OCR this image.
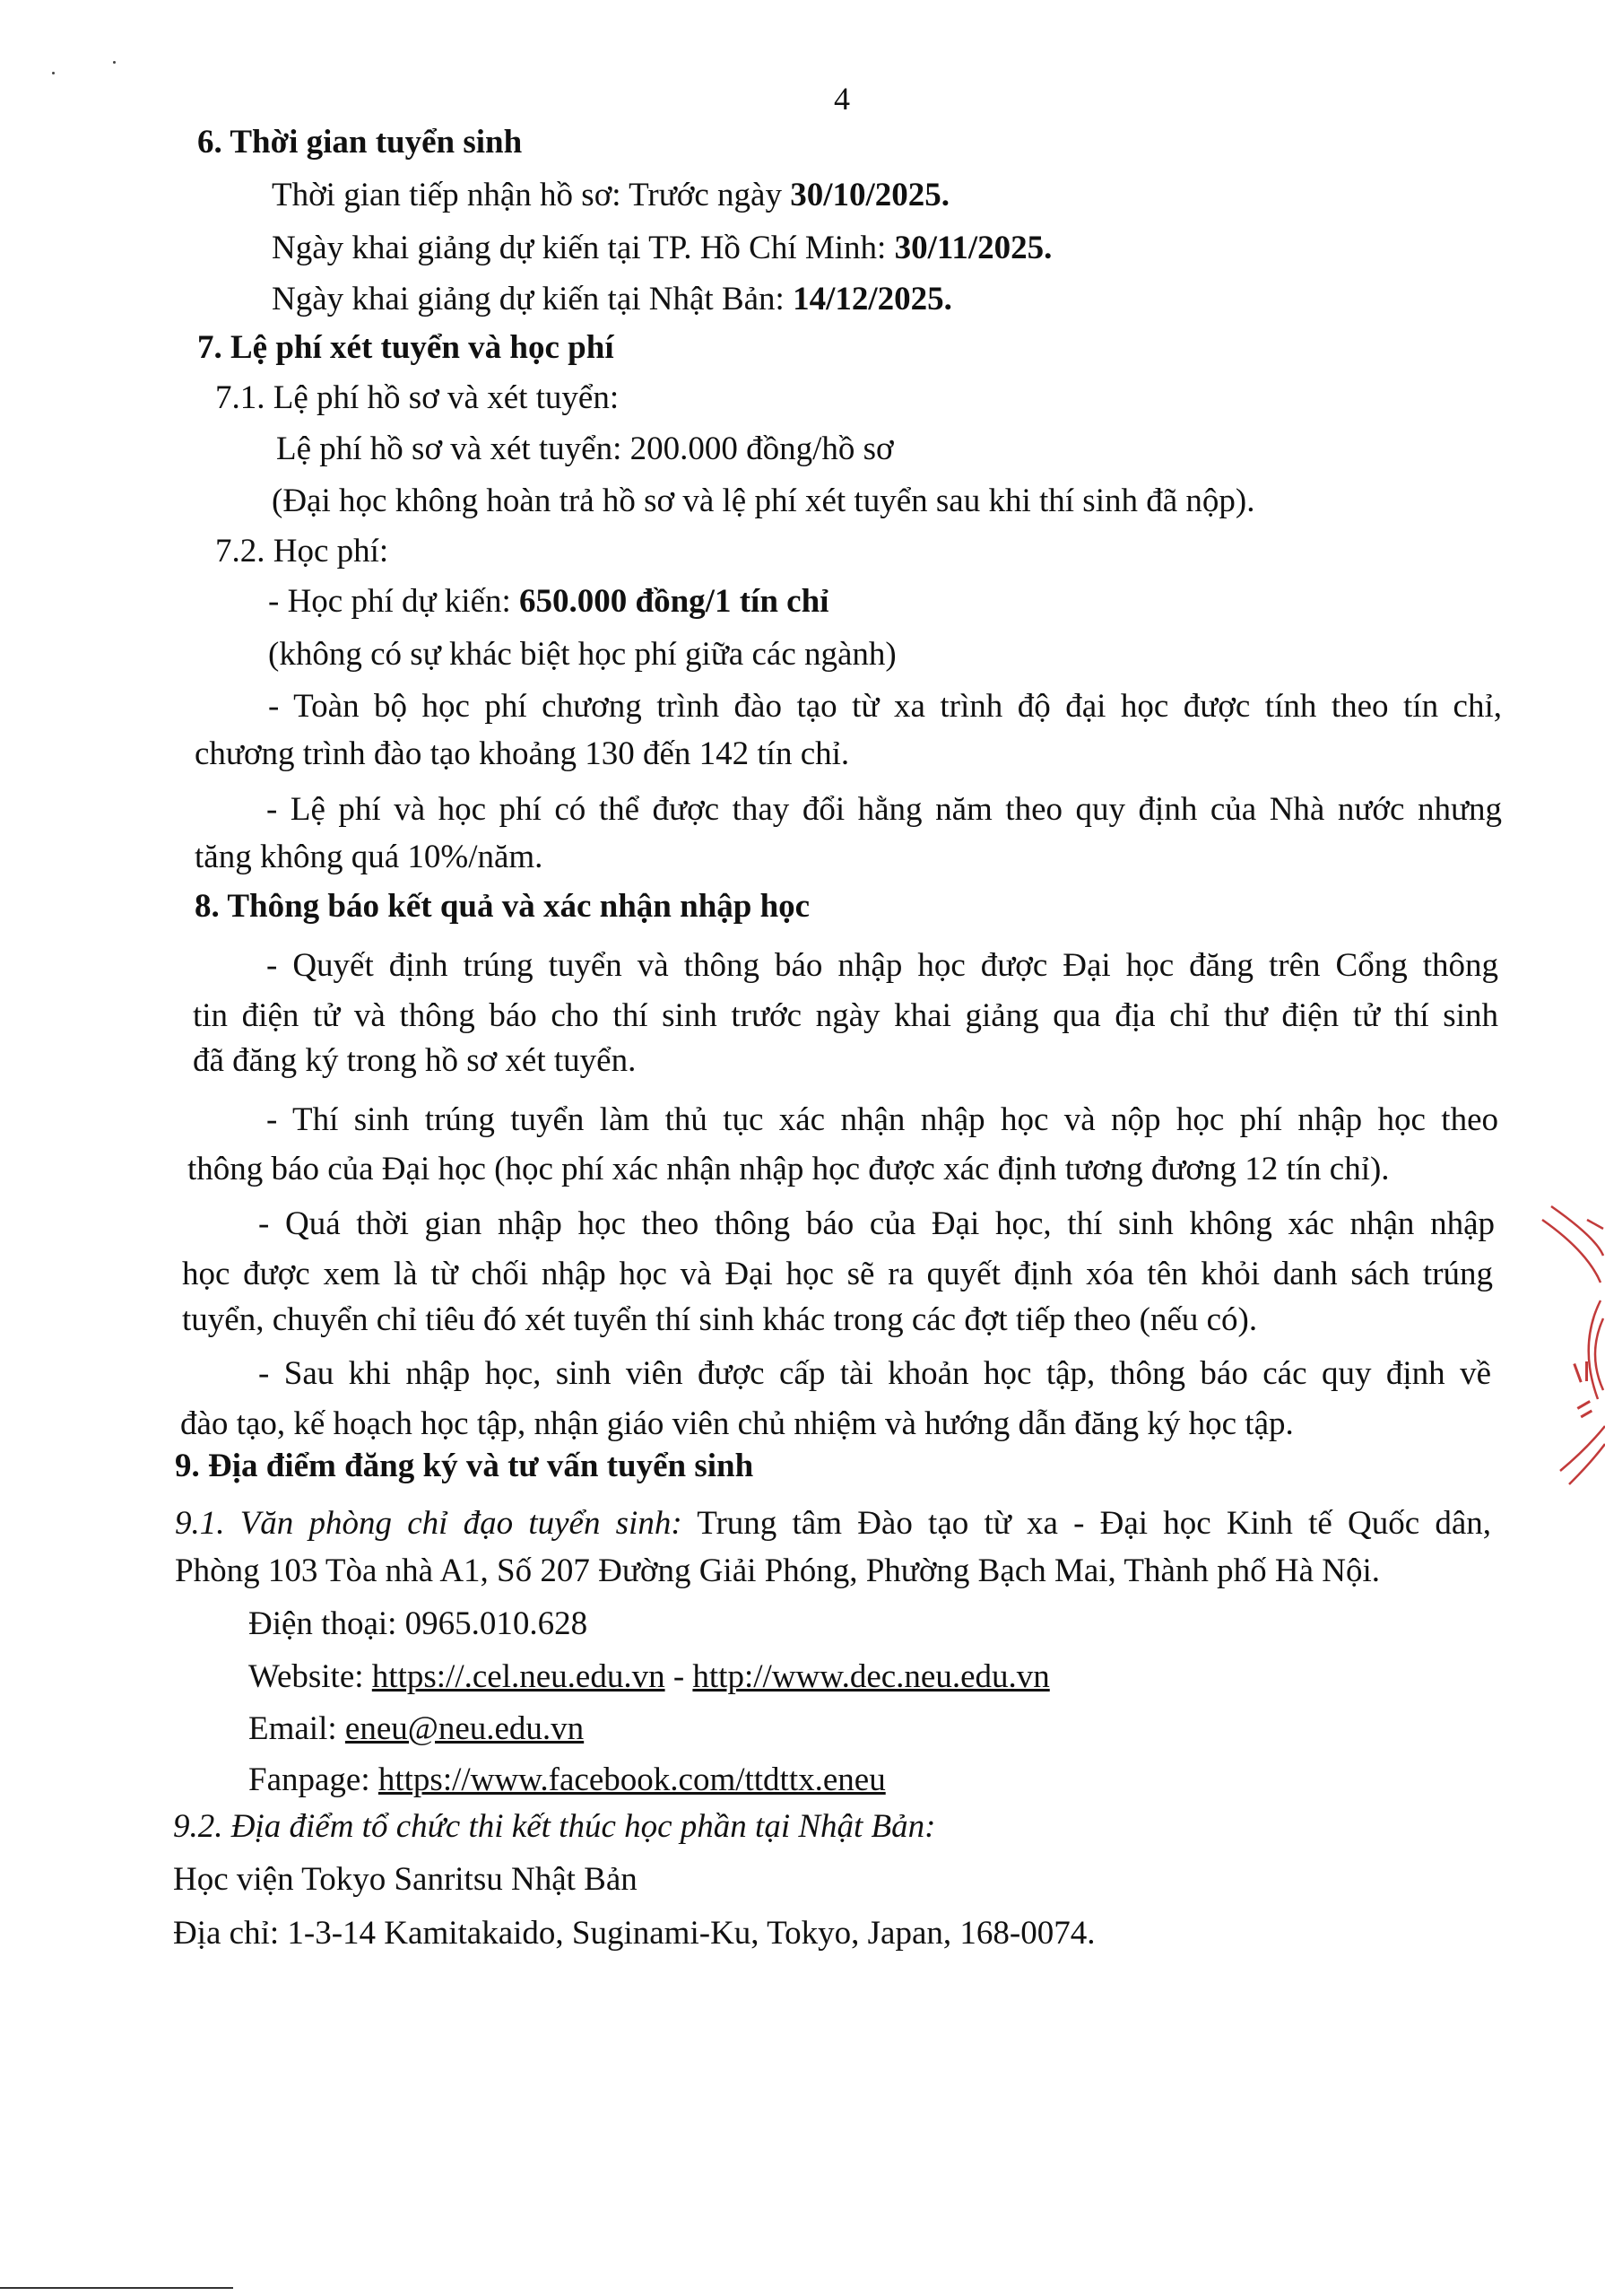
4
6. Thời gian tuyển sinh
Thời gian tiếp nhận hồ sơ: Trước ngày 30/10/2025.
Ngày khai giảng dự kiến tại TP. Hồ Chí Minh: 30/11/2025.
Ngày khai giảng dự kiến tại Nhật Bản: 14/12/2025.
7. Lệ phí xét tuyển và học phí
7.1. Lệ phí hồ sơ và xét tuyển:
Lệ phí hồ sơ và xét tuyển: 200.000 đồng/hồ sơ
(Đại học không hoàn trả hồ sơ và lệ phí xét tuyển sau khi thí sinh đã nộp).
7.2. Học phí:
- Học phí dự kiến: 650.000 đồng/1 tín chỉ
(không có sự khác biệt học phí giữa các ngành)
- Toàn bộ học phí chương trình đào tạo từ xa trình độ đại học được tính theo tín chỉ,
chương trình đào tạo khoảng 130 đến 142 tín chỉ.
- Lệ phí và học phí có thể được thay đổi hằng năm theo quy định của Nhà nước nhưng
tăng không quá 10%/năm.
8. Thông báo kết quả và xác nhận nhập học
- Quyết định trúng tuyển và thông báo nhập học được Đại học đăng trên Cổng thông
tin điện tử và thông báo cho thí sinh trước ngày khai giảng qua địa chỉ thư điện tử thí sinh
đã đăng ký trong hồ sơ xét tuyển.
- Thí sinh trúng tuyển làm thủ tục xác nhận nhập học và nộp học phí nhập học theo
thông báo của Đại học (học phí xác nhận nhập học được xác định tương đương 12 tín chỉ).
- Quá thời gian nhập học theo thông báo của Đại học, thí sinh không xác nhận nhập
học được xem là từ chối nhập học và Đại học sẽ ra quyết định xóa tên khỏi danh sách trúng
tuyển, chuyển chỉ tiêu đó xét tuyển thí sinh khác trong các đợt tiếp theo (nếu có).
- Sau khi nhập học, sinh viên được cấp tài khoản học tập, thông báo các quy định về
đào tạo, kế hoạch học tập, nhận giáo viên chủ nhiệm và hướng dẫn đăng ký học tập.
9. Địa điểm đăng ký và tư vấn tuyển sinh
9.1. Văn phòng chỉ đạo tuyển sinh: Trung tâm Đào tạo từ xa - Đại học Kinh tế Quốc dân,
Phòng 103 Tòa nhà A1, Số 207 Đường Giải Phóng, Phường Bạch Mai, Thành phố Hà Nội.
Điện thoại: 0965.010.628
Website: https://.cel.neu.edu.vn - http://www.dec.neu.edu.vn
Email: eneu@neu.edu.vn
Fanpage: https://www.facebook.com/ttdttx.eneu
9.2. Địa điểm tổ chức thi kết thúc học phần tại Nhật Bản:
Học viện Tokyo Sanritsu Nhật Bản
Địa chỉ: 1-3-14 Kamitakaido, Suginami-Ku, Tokyo, Japan, 168-0074.
